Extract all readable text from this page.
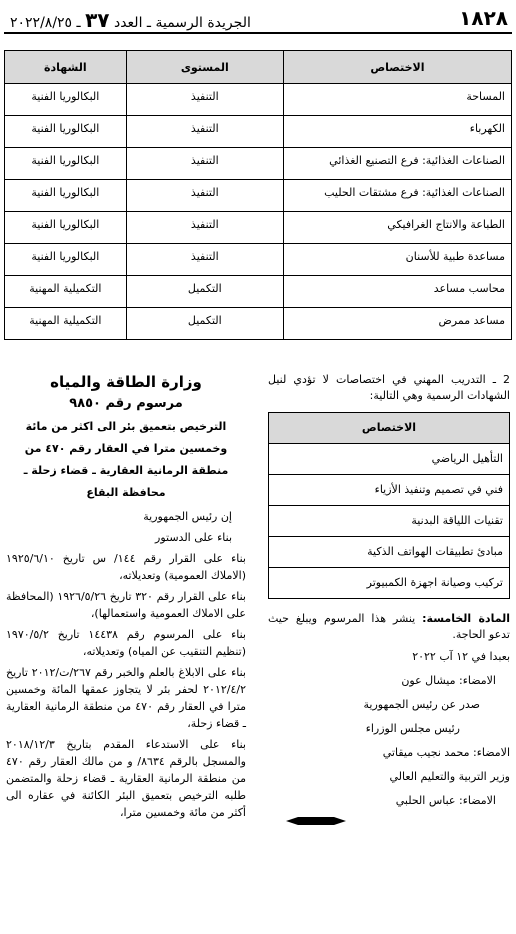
١٨٢٨
الجريدة الرسمية ـ العدد ٣٧ ـ ٢٠٢٢/٨/٢٥
الاختصاص	المستوى	الشهادة
المساحة	التنفيذ	البكالوريا الفنية
الكهرباء	التنفيذ	البكالوريا الفنية
الصناعات الغذائية: فرع التصنيع الغذائي	التنفيذ	البكالوريا الفنية
الصناعات الغذائية: فرع مشتقات الحليب	التنفيذ	البكالوريا الفنية
الطباعة والانتاج الغرافيكي	التنفيذ	البكالوريا الفنية
مساعدة طبية للأسنان	التنفيذ	البكالوريا الفنية
محاسب مساعد	التكميل	التكميلية المهنية
مساعد ممرض	التكميل	التكميلية المهنية
2 ـ التدريب المهني في اختصاصات لا تؤدي لنيل الشهادات الرسمية وهي التالية:
الاختصاص
التأهيل الرياضي
فني في تصميم وتنفيذ الأزياء
تقنيات اللياقة البدنية
مبادئ تطبيقات الهواتف الذكية
تركيب وصيانة اجهزة الكمبيوتر
المادة الخامسة: ينشر هذا المرسوم ويبلغ حيث تدعو الحاجة.
بعبدا في ١٢ آب ٢٠٢٢
الامضاء: ميشال عون
صدر عن رئيس الجمهورية
رئيس مجلس الوزراء
الامضاء: محمد نجيب ميقاتي
وزير التربية والتعليم العالي
الامضاء: عباس الحلبي
وزارة الطاقة والمياه
مرسوم رقم ٩٨٥٠
الترخيص بتعميق بئر الى اكثر من مائة وخمسين مترا في العقار رقم ٤٧٠ من منطقة الرمانية العقارية ـ قضاء زحلة ـ محافظة البقاع
إن رئيس الجمهورية
بناء على الدستور
بناء على القرار رقم ١٤٤/ س تاريخ ١٩٢٥/٦/١٠ (الاملاك العمومية) وتعديلاته،
بناء على القرار رقم ٣٢٠ تاريخ ١٩٢٦/٥/٢٦ (المحافظة على الاملاك العمومية واستعمالها)،
بناء على المرسوم رقم ١٤٤٣٨ تاريخ ١٩٧٠/٥/٢ (تنظيم التنقيب عن المياه) وتعديلاته،
بناء على الابلاغ بالعلم والخبر رقم ٢٦٧/ت/٢٠١٢ تاريخ ٢٠١٢/٤/٢ لحفر بئر لا يتجاوز عمقها المائة وخمسين مترا في العقار رقم ٤٧٠ من منطقة الرمانية العقارية ـ قضاء زحلة،
بناء على الاستدعاء المقدم بتاريخ ٢٠١٨/١٢/٣ والمسجل بالرقم ٨٦٣٤/ و من مالك العقار رقم ٤٧٠ من منطقة الرمانية العقارية ـ قضاء زحلة والمتضمن طلبه الترخيص بتعميق البئر الكائنة في عقاره الى أكثر من مائة وخمسين مترا،
